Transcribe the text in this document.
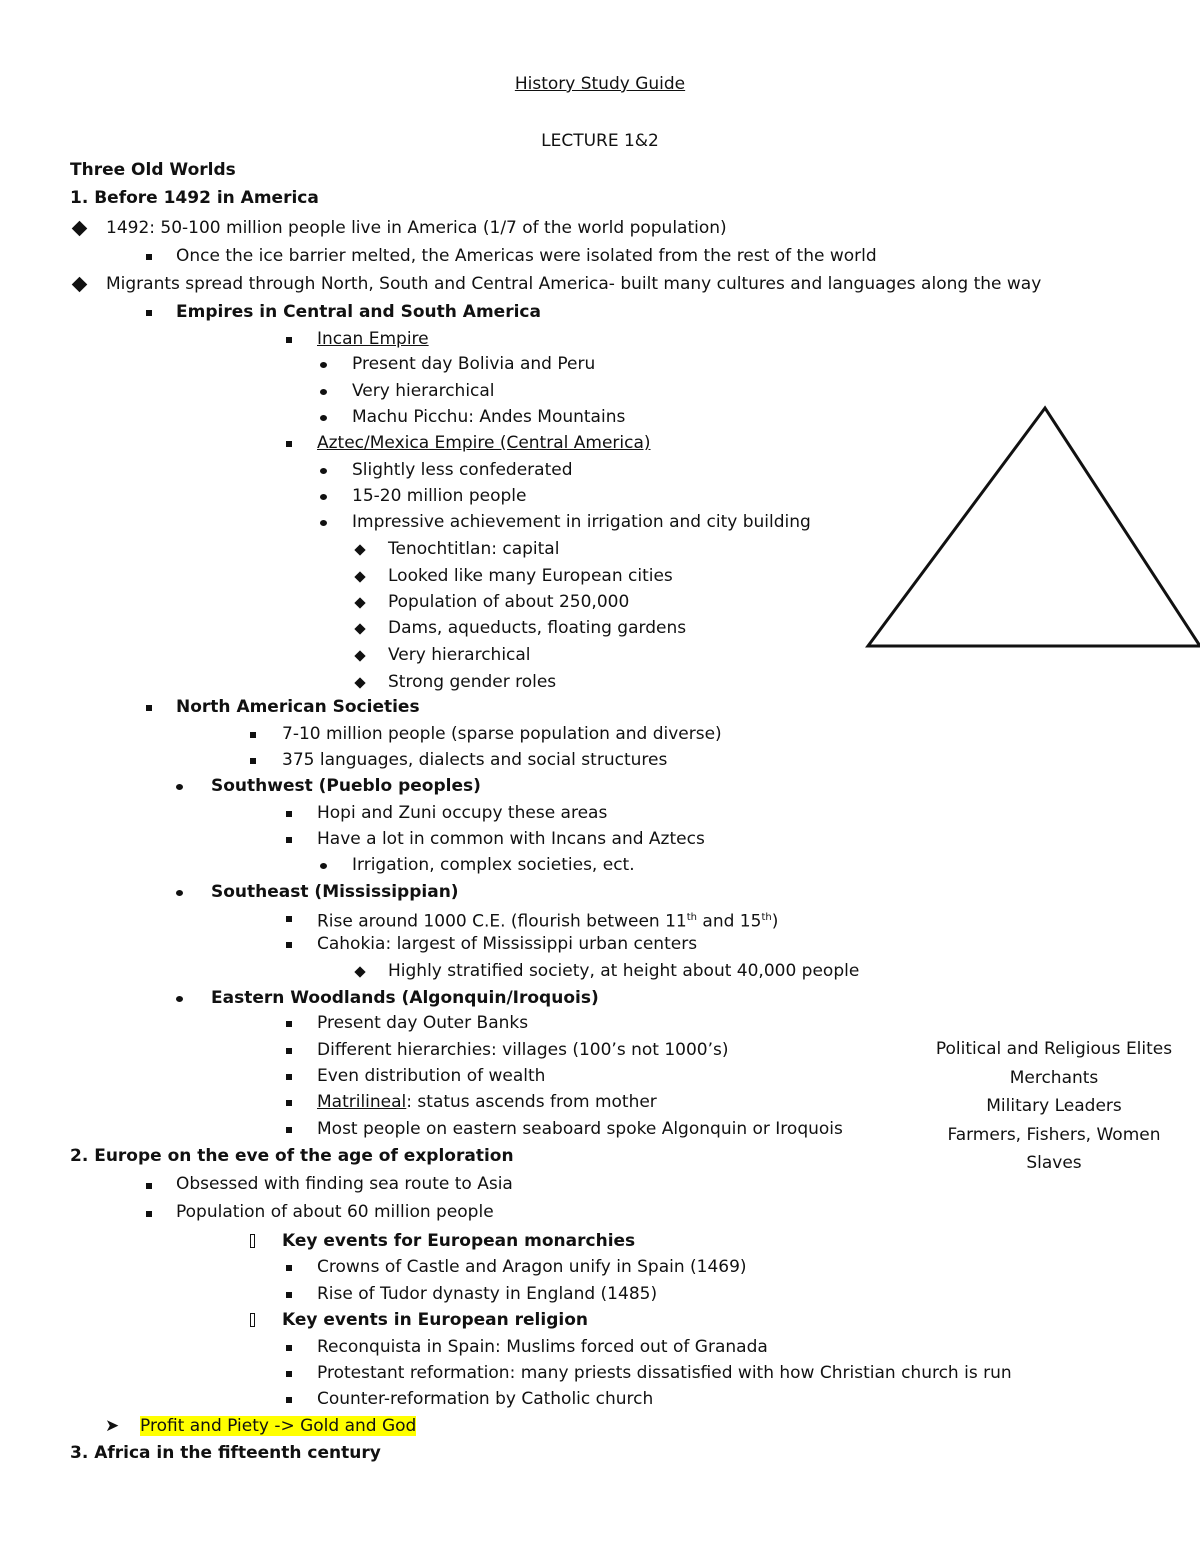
History Study Guide
LECTURE 1&2
Three Old Worlds
1. Before 1492 in America
1492: 50-100 million people live in America (1/7 of the world population)
Once the ice barrier melted, the Americas were isolated from the rest of the world
Migrants spread through North, South and Central America- built many cultures and languages along the way
Empires in Central and South America
Incan Empire
Present day Bolivia and Peru
Very hierarchical
Machu Picchu: Andes Mountains
Aztec/Mexica Empire (Central America)
Slightly less confederated
15-20 million people
Impressive achievement in irrigation and city building
Tenochtitlan: capital
Looked like many European cities
Population of about 250,000
Dams, aqueducts, floating gardens
Very hierarchical
Strong gender roles
North American Societies
7-10 million people (sparse population and diverse)
375 languages, dialects and social structures
Southwest (Pueblo peoples)
Hopi and Zuni occupy these areas
Have a lot in common with Incans and Aztecs
Irrigation, complex societies, ect.
Southeast (Mississippian)
Rise around 1000 C.E. (flourish between 11th and 15th)
Cahokia: largest of Mississippi urban centers
Highly stratified society, at height about 40,000 people
Eastern Woodlands (Algonquin/Iroquois)
Present day Outer Banks
Different hierarchies: villages (100’s not 1000’s)
Even distribution of wealth
Matrilineal: status ascends from mother
Most people on eastern seaboard spoke Algonquin or Iroquois
2. Europe on the eve of the age of exploration
Obsessed with finding sea route to Asia
Population of about 60 million people
Key events for European monarchies
Crowns of Castle and Aragon unify in Spain (1469)
Rise of Tudor dynasty in England (1485)
Key events in European religion
Reconquista in Spain: Muslims forced out of Granada
Protestant reformation: many priests dissatisfied with how Christian church is run
Counter-reformation by Catholic church
➤ Profit and Piety -> Gold and God
3. Africa in the fifteenth century
Political and Religious Elites
Merchants
Military Leaders
Farmers, Fishers, Women
Slaves
